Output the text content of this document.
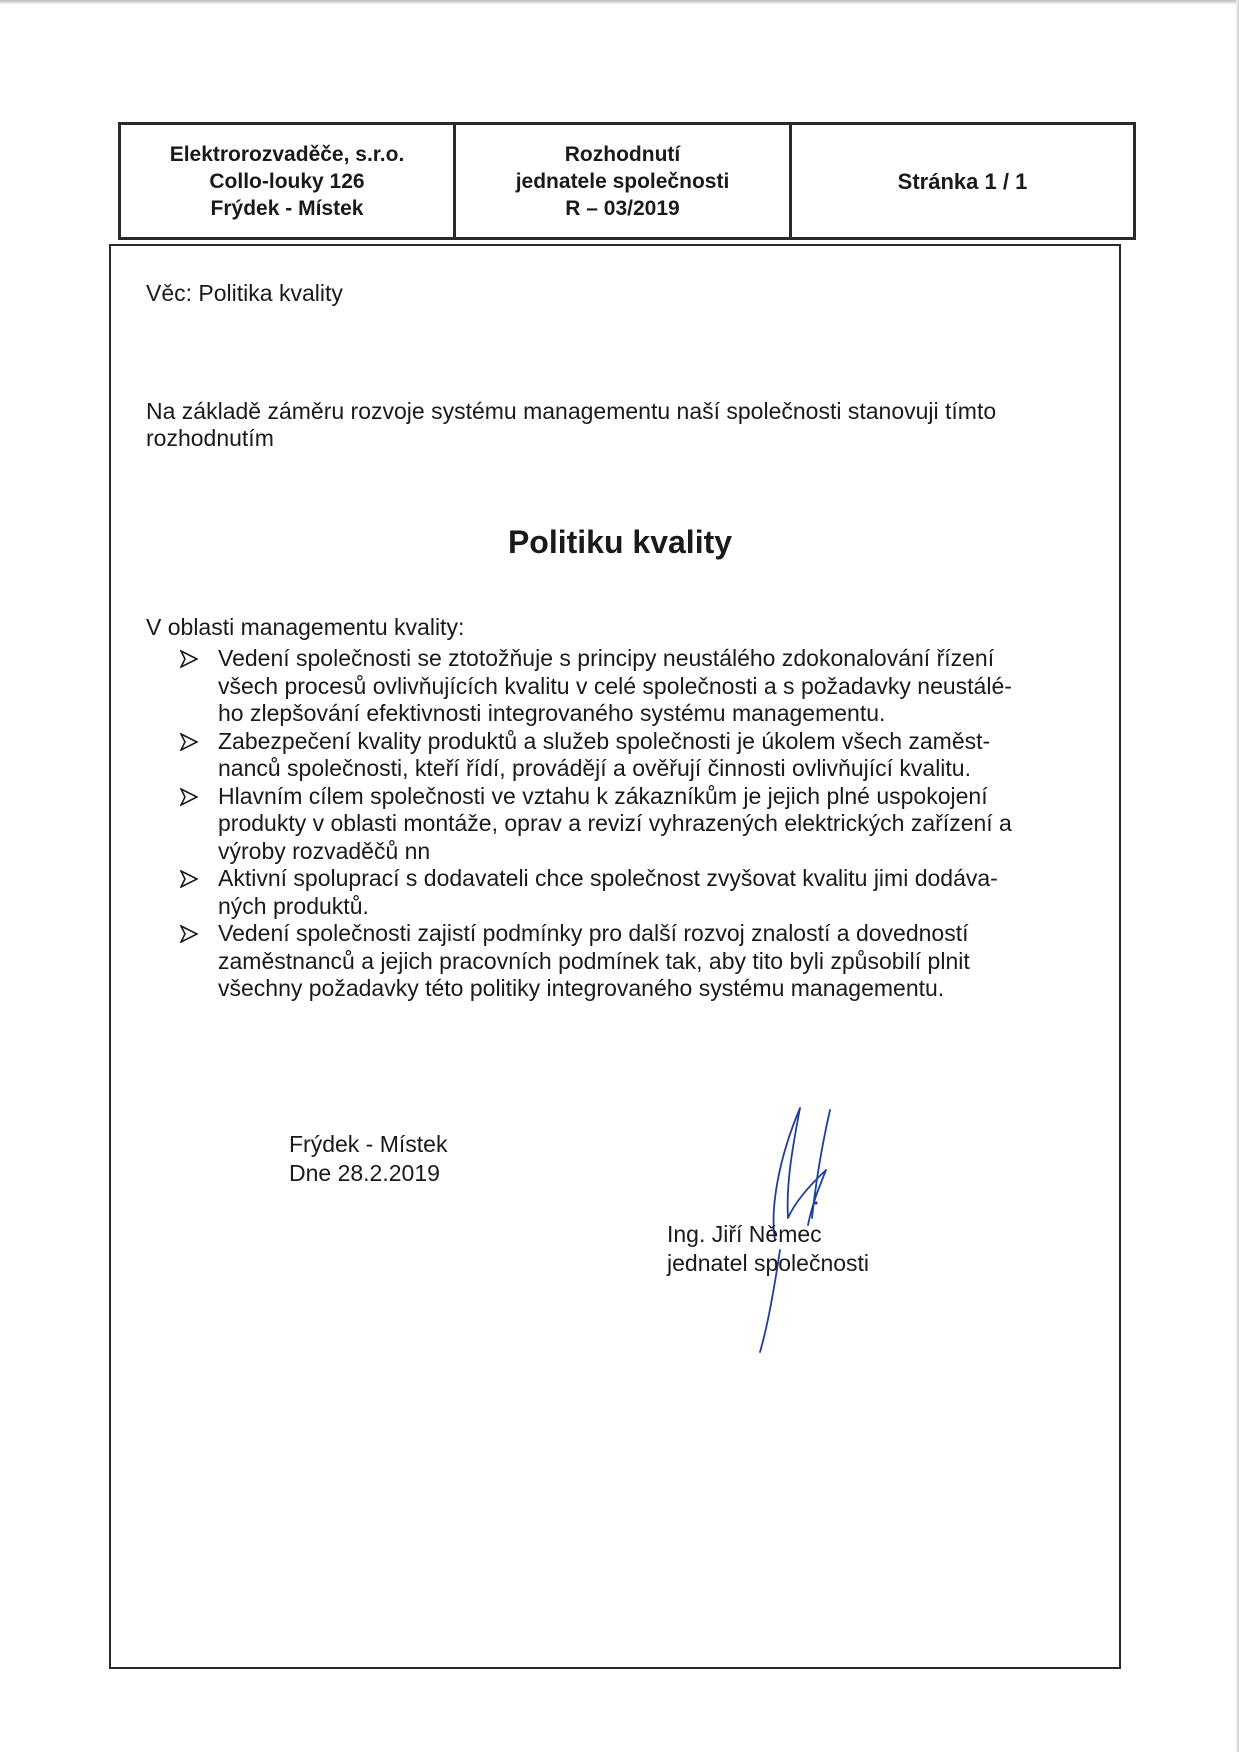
Elektrorozvaděče, s.r.o.
Collo-louky 126
Frýdek - Místek
Rozhodnutí
jednatele společnosti
R – 03/2019
Stránka 1 / 1
Věc: Politika kvality
Na základě záměru rozvoje systému managementu naší společnosti stanovuji tímto rozhodnutím
Politiku kvality
V oblasti managementu kvality:
Vedení společnosti se ztotožňuje s principy neustálého zdokonalování řízení
všech procesů ovlivňujících kvalitu v celé společnosti a s požadavky neustálé-
ho zlepšování efektivnosti integrovaného systému managementu.
Zabezpečení kvality produktů a služeb společnosti je úkolem všech zaměst-
nanců společnosti, kteří řídí, provádějí a ověřují činnosti ovlivňující kvalitu.
Hlavním cílem společnosti ve vztahu k zákazníkům je jejich plné uspokojení
produkty v oblasti montáže, oprav a revizí vyhrazených elektrických zařízení a
výroby rozvaděčů nn
Aktivní spoluprací s dodavateli chce společnost zvyšovat kvalitu jimi dodáva-
ných produktů.
Vedení společnosti zajistí podmínky pro další rozvoj znalostí a dovedností
zaměstnanců a jejich pracovních podmínek tak, aby tito byli způsobilí plnit
všechny požadavky této politiky integrovaného systému managementu.
Frýdek - Místek
Dne 28.2.2019
Ing. Jiří Němec
jednatel společnosti
